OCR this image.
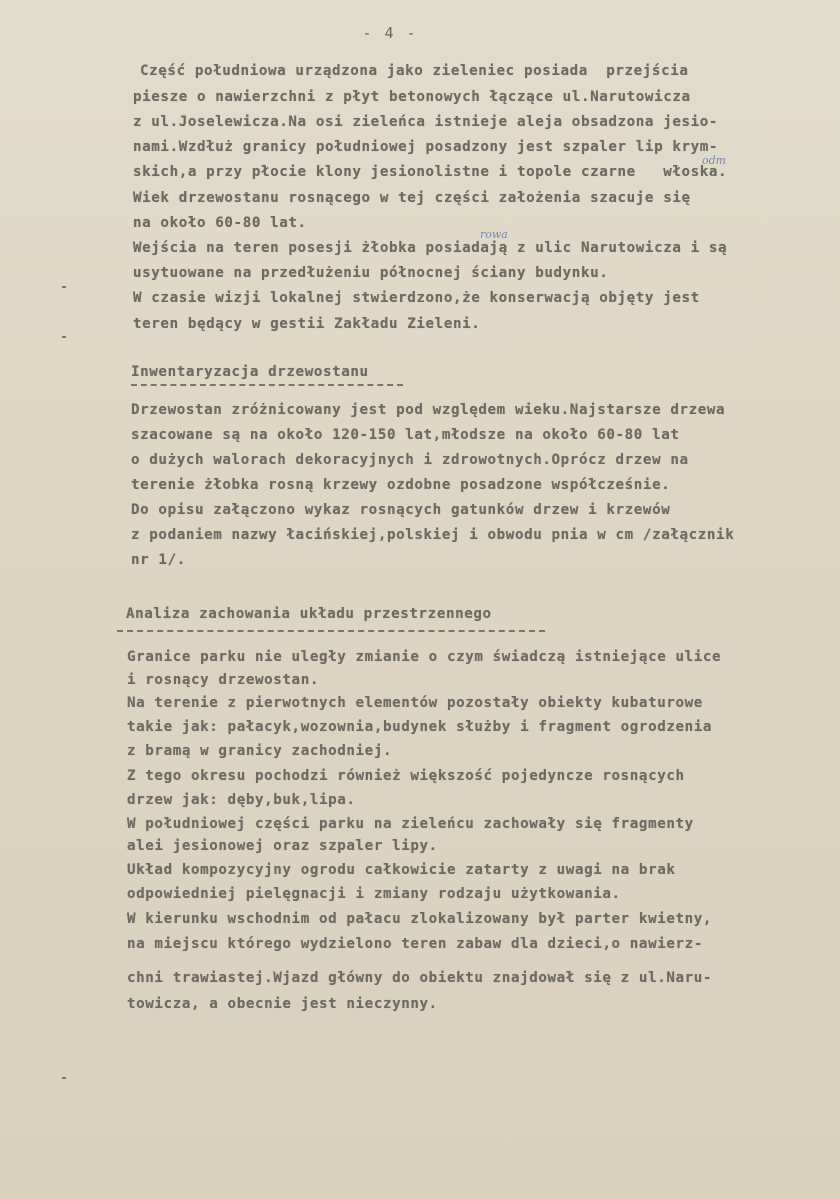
- 4 -
Część południowa urządzona jako zieleniec posiada  przejścia
piesze o nawierzchni z płyt betonowych łączące ul.Narutowicza
z ul.Joselewicza.Na osi zieleńca istnieje aleja obsadzona jesio-
nami.Wzdłuż granicy południowej posadzony jest szpaler lip krym-
skich,a przy płocie klony jesionolistne i topole czarne   włoska.
Wiek drzewostanu rosnącego w tej części założenia szacuje się
na około 60-80 lat.
Wejścia na teren posesji żłobka posiadają z ulic Narutowicza i są
usytuowane na przedłużeniu północnej ściany budynku.
W czasie wizji lokalnej stwierdzono,że konserwacją objęty jest
teren będący w gestii Zakładu Zieleni.
odm
rowa
Inwentaryzacja drzewostanu
Drzewostan zróżnicowany jest pod względem wieku.Najstarsze drzewa
szacowane są na około 120-150 lat,młodsze na około 60-80 lat
o dużych walorach dekoracyjnych i zdrowotnych.Oprócz drzew na
terenie żłobka rosną krzewy ozdobne posadzone współcześnie.
Do opisu załączono wykaz rosnących gatunków drzew i krzewów
z podaniem nazwy łacińskiej,polskiej i obwodu pnia w cm /załącznik
nr 1/.
Analiza zachowania układu przestrzennego
Granice parku nie uległy zmianie o czym świadczą istniejące ulice
i rosnący drzewostan.
Na terenie z pierwotnych elementów pozostały obiekty kubaturowe
takie jak: pałacyk,wozownia,budynek służby i fragment ogrodzenia
z bramą w granicy zachodniej.
Z tego okresu pochodzi również większość pojedyncze rosnących
drzew jak: dęby,buk,lipa.
W południowej części parku na zieleńcu zachowały się fragmenty
alei jesionowej oraz szpaler lipy.
Układ kompozycyjny ogrodu całkowicie zatarty z uwagi na brak
odpowiedniej pielęgnacji i zmiany rodzaju użytkowania.
W kierunku wschodnim od pałacu zlokalizowany był parter kwietny,
na miejscu którego wydzielono teren zabaw dla dzieci,o nawierz-
chni trawiastej.Wjazd główny do obiektu znajdował się z ul.Naru-
towicza, a obecnie jest nieczynny.
